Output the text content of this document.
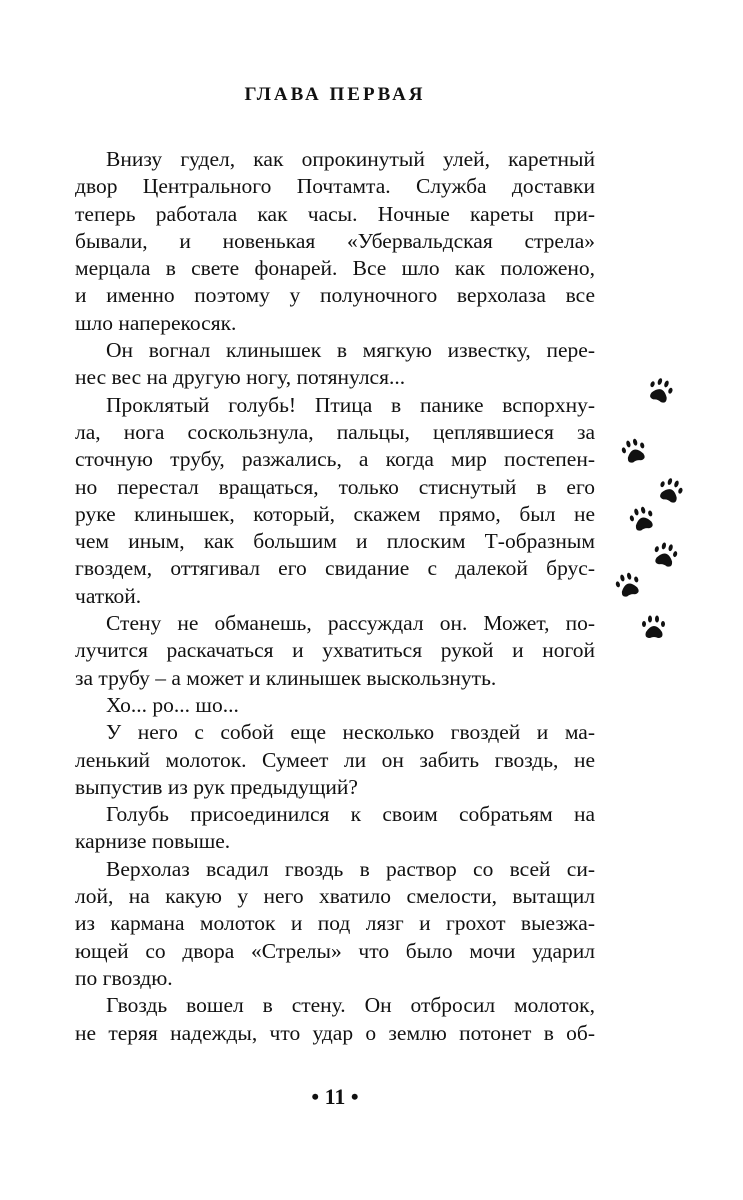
ГЛАВА ПЕРВАЯ
Внизу гудел, как опрокинутый улей, каретный
двор Центрального Почтамта. Служба доставки
теперь работала как часы. Ночные кареты при-
бывали, и новенькая «Убервальдская стрела»
мерцала в свете фонарей. Все шло как положено,
и именно поэтому у полуночного верхолаза все
шло наперекосяк.
Он вогнал клинышек в мягкую известку, пере-
нес вес на другую ногу, потянулся...
Проклятый голубь! Птица в панике вспорхну-
ла, нога соскользнула, пальцы, цеплявшиеся за
сточную трубу, разжались, а когда мир постепен-
но перестал вращаться, только стиснутый в его
руке клинышек, который, скажем прямо, был не
чем иным, как большим и плоским Т-образным
гвоздем, оттягивал его свидание с далекой брус-
чаткой.
Стену не обманешь, рассуждал он. Может, по-
лучится раскачаться и ухватиться рукой и ногой
за трубу – а может и клинышек выскользнуть.
Хо... ро... шо...
У него с собой еще несколько гвоздей и ма-
ленький молоток. Сумеет ли он забить гвоздь, не
выпустив из рук предыдущий?
Голубь присоединился к своим собратьям на
карнизе повыше.
Верхолаз всадил гвоздь в раствор со всей си-
лой, на какую у него хватило смелости, вытащил
из кармана молоток и под лязг и грохот выезжа-
ющей со двора «Стрелы» что было мочи ударил
по гвоздю.
Гвоздь вошел в стену. Он отбросил молоток,
не теряя надежды, что удар о землю потонет в об-
• 11 •
